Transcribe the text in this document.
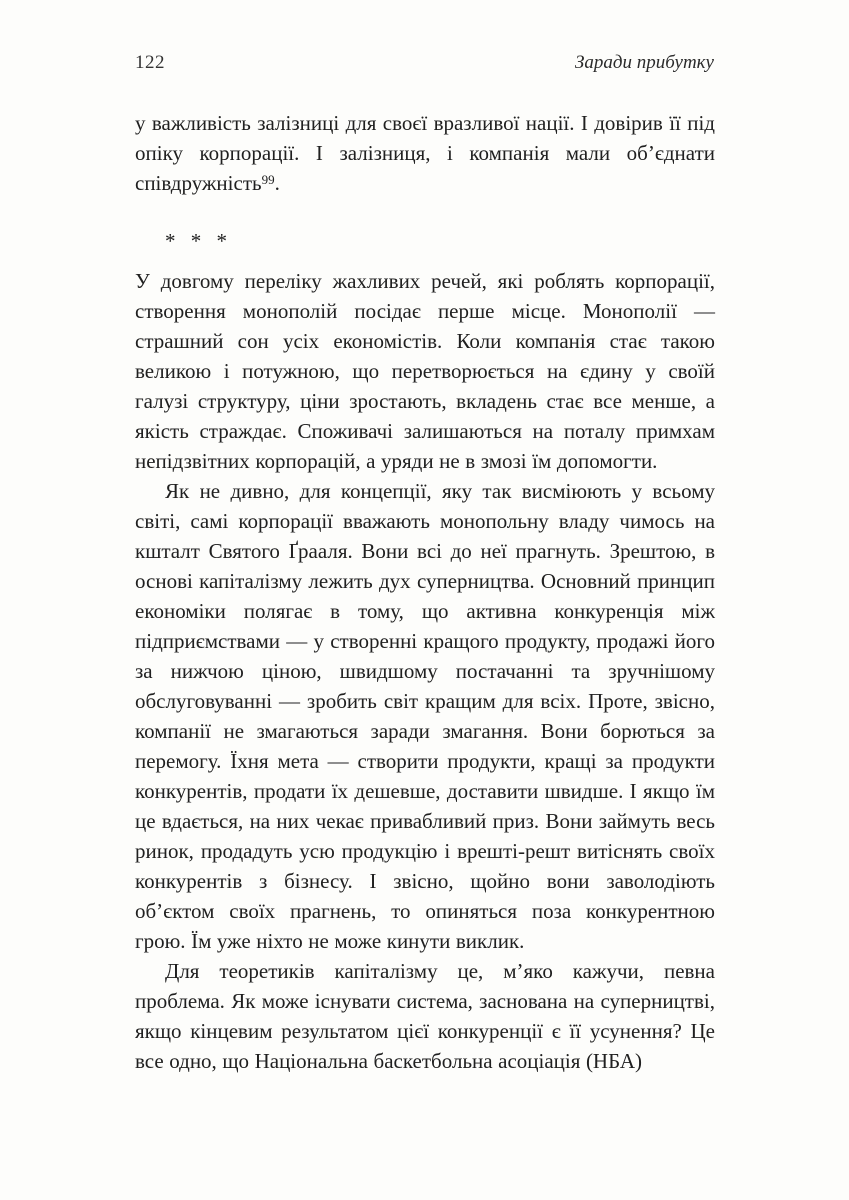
122	Заради прибутку

у важливість залізниці для своєї вразливої нації. І довірив її під опіку корпорації. І залізниця, і компанія мали об’єднати співдружність$^{99}$.

* * *

У довгому переліку жахливих речей, які роблять корпорації, створення монополій посідає перше місце. Монополії — страшний сон усіх економістів. Коли компанія стає такою великою і потужною, що перетворюється на єдину у своїй галузі структуру, ціни зростають, вкладень стає все менше, а якість страждає. Споживачі залишаються на поталу примхам непідзвітних корпорацій, а уряди не в змозі їм допомогти.

Як не дивно, для концепції, яку так висміюють у всьому світі, самі корпорації вважають монопольну владу чимось на кшталт Святого Ґрааля. Вони всі до неї прагнуть. Зрештою, в основі капіталізму лежить дух суперництва. Основний принцип економіки полягає в тому, що активна конкуренція між підприємствами — у створенні кращого продукту, продажі його за нижчою ціною, швидшому постачанні та зручнішому обслуговуванні — зробить світ кращим для всіх. Проте, звісно, компанії не змагаються заради змагання. Вони борються за перемогу. Їхня мета — створити продукти, кращі за продукти конкурентів, продати їх дешевше, доставити швидше. І якщо їм це вдається, на них чекає привабливий приз. Вони займуть весь ринок, продадуть усю продукцію і врешті-решт витіснять своїх конкурентів з бізнесу. І звісно, щойно вони заволодіють об’єктом своїх прагнень, то опиняться поза конкурентною грою. Їм уже ніхто не може кинути виклик.

Для теоретиків капіталізму це, м’яко кажучи, певна проблема. Як може існувати система, заснована на суперництві, якщо кінцевим результатом цієї конкуренції є її усунення? Це все одно, що Національна баскетбольна асоціація (НБА)
